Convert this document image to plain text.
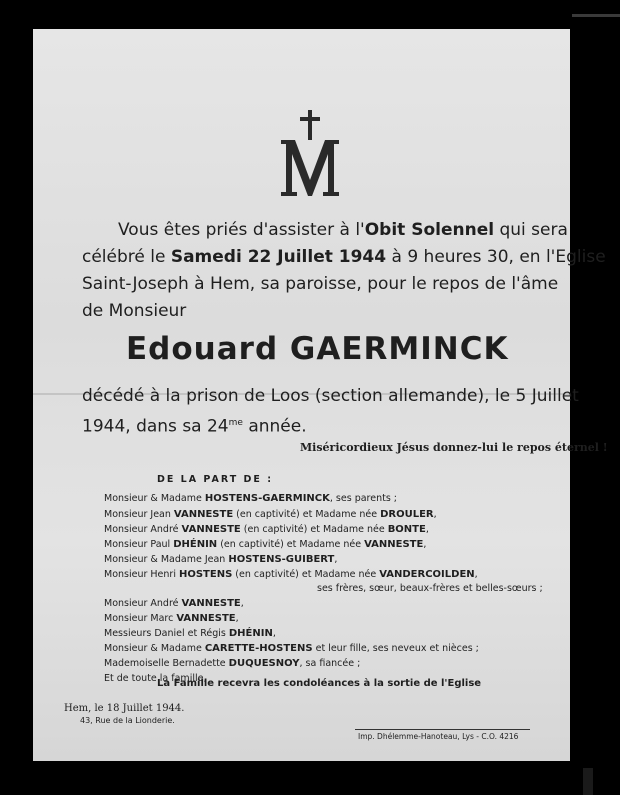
Vous êtes priés d'assister à l'Obit Solennel qui sera
célébré le Samedi 22 Juillet 1944 à 9 heures 30, en l'Eglise
Saint-Joseph à Hem, sa paroisse, pour le repos de l'âme
de Monsieur
Edouard GAERMINCK
décédé à la prison de Loos (section allemande), le 5 Juillet
1944, dans sa $24^{me}$ année.
Miséricordieux Jésus donnez-lui le repos éternel !
DE LA PART DE :
Monsieur & Madame HOSTENS-GAERMINCK, ses parents ;
Monsieur Jean VANNESTE (en captivité) et Madame née DROULER,
Monsieur André VANNESTE (en captivité) et Madame née BONTE,
Monsieur Paul DHÉNIN (en captivité) et Madame née VANNESTE,
Monsieur & Madame Jean HOSTENS-GUIBERT,
Monsieur Henri HOSTENS (en captivité) et Madame née VANDERCOILDEN,
ses frères, sœur, beaux-frères et belles-sœurs ;
Monsieur André VANNESTE,
Monsieur Marc VANNESTE,
Messieurs Daniel et Régis DHÉNIN,
Monsieur & Madame CARETTE-HOSTENS et leur fille, ses neveux et nièces ;
Mademoiselle Bernadette DUQUESNOY, sa fiancée ;
Et de toute la famille,
La Famille recevra les condoléances à la sortie de l'Eglise
Hem, le 18 Juillet 1944.
43, Rue de la Lionderie.
Imp. Dhélemme-Hanoteau, Lys - C.O. 4216
